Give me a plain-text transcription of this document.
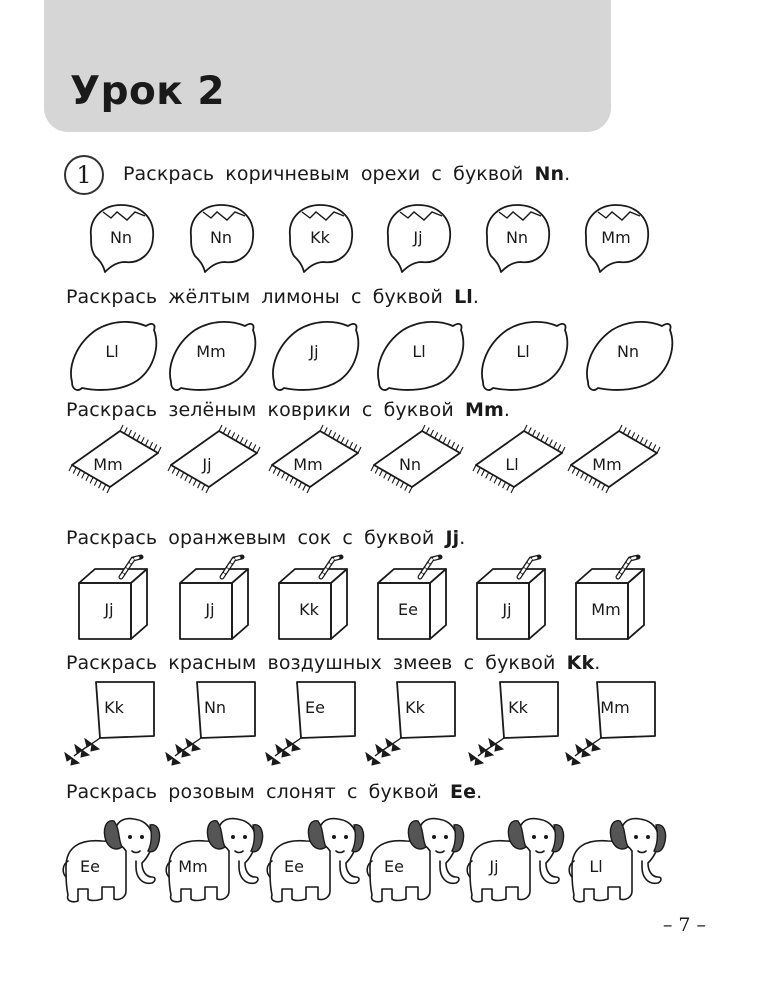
Урок 2
1	Раскрась коричневым орехи с буквой Nn.
Nn	Nn	Kk	Jj	Nn	Mm
Раскрась жёлтым лимоны с буквой Ll.
Ll	Mm	Jj	Ll	Ll	Nn
Раскрась зелёным коврики с буквой Mm.
Mm	Jj	Mm	Nn	Ll	Mm
Раскрась оранжевым сок с буквой Jj.
Jj	Jj	Kk	Ee	Jj	Mm
Раскрась красным воздушных змеев с буквой Kk.
Kk	Nn	Ee	Kk	Kk	Mm
Раскрась розовым слонят с буквой Ee.
Ee	Mm	Ee	Ee	Jj	Ll
– 7 –
